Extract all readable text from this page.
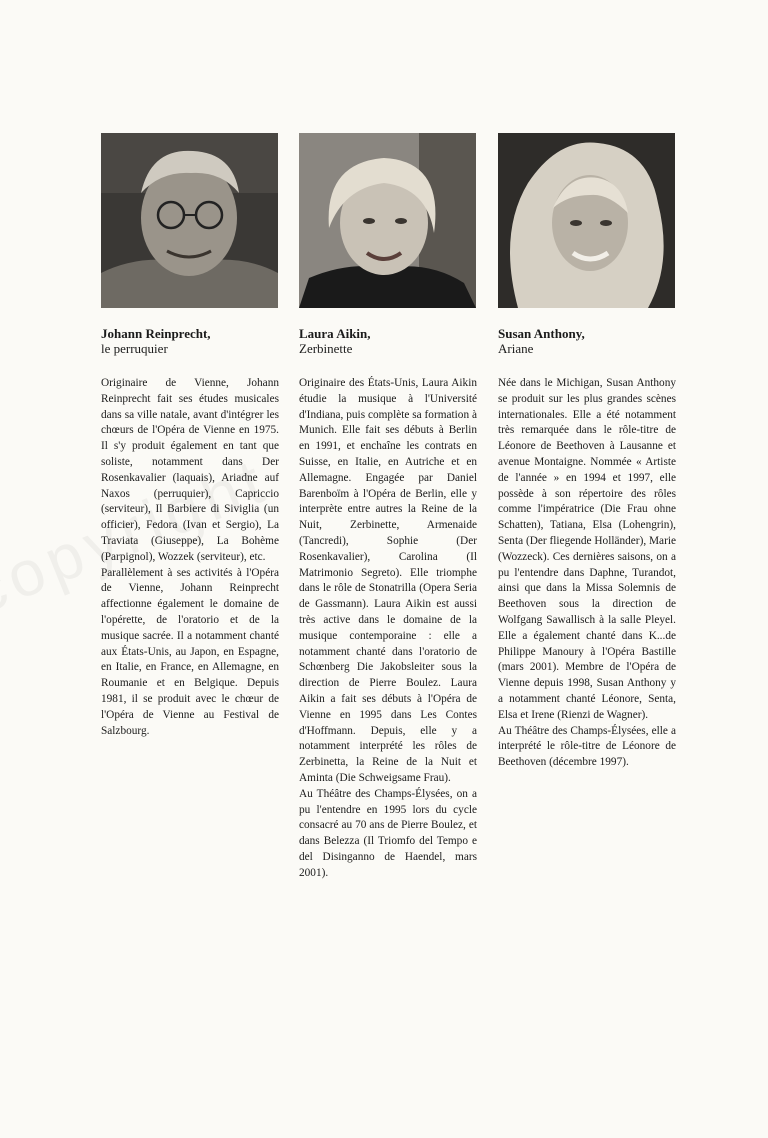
Johann Reinprecht,
le perruquier

Originaire de Vienne, Johann Reinprecht fait ses études musicales dans sa ville natale, avant d'intégrer les chœurs de l'Opéra de Vienne en 1975. Il s'y produit également en tant que soliste, notamment dans Der Rosenkavalier (laquais), Ariadne auf Naxos (perruquier), Capriccio (serviteur), Il Barbiere di Siviglia (un officier), Fedora (Ivan et Sergio), La Traviata (Giuseppe), La Bohème (Parpignol), Wozzek (serviteur), etc.

Parallèlement à ses activités à l'Opéra de Vienne, Johann Reinprecht affectionne également le domaine de l'opérette, de l'oratorio et de la musique sacrée. Il a notamment chanté aux États-Unis, au Japon, en Espagne, en Italie, en France, en Allemagne, en Roumanie et en Belgique. Depuis 1981, il se produit avec le chœur de l'Opéra de Vienne au Festival de Salzbourg.

Laura Aikin,
Zerbinette

Originaire des États-Unis, Laura Aikin étudie la musique à l'Université d'Indiana, puis complète sa formation à Munich. Elle fait ses débuts à Berlin en 1991, et enchaîne les contrats en Suisse, en Italie, en Autriche et en Allemagne. Engagée par Daniel Barenboïm à l'Opéra de Berlin, elle y interprète entre autres la Reine de la Nuit, Zerbinette, Armenaide (Tancredi), Sophie (Der Rosenkavalier), Carolina (Il Matrimonio Segreto). Elle triomphe dans le rôle de Stonatrilla (Opera Seria de Gassmann). Laura Aikin est aussi très active dans le domaine de la musique contemporaine : elle a notamment chanté dans l'oratorio de Schœnberg Die Jakobsleiter sous la direction de Pierre Boulez. Laura Aikin a fait ses débuts à l'Opéra de Vienne en 1995 dans Les Contes d'Hoffmann. Depuis, elle y a notamment interprété les rôles de Zerbinetta, la Reine de la Nuit et Aminta (Die Schweigsame Frau).

Au Théâtre des Champs-Élysées, on a pu l'entendre en 1995 lors du cycle consacré au 70 ans de Pierre Boulez, et dans Belezza (Il Triomfo del Tempo e del Disinganno de Haendel, mars 2001).

Susan Anthony,
Ariane

Née dans le Michigan, Susan Anthony se produit sur les plus grandes scènes internationales. Elle a été notamment très remarquée dans le rôle-titre de Léonore de Beethoven à Lausanne et avenue Montaigne. Nommée « Artiste de l'année » en 1994 et 1997, elle possède à son répertoire des rôles comme l'impératrice (Die Frau ohne Schatten), Tatiana, Elsa (Lohengrin), Senta (Der fliegende Holländer), Marie (Wozzeck). Ces dernières saisons, on a pu l'entendre dans Daphne, Turandot, ainsi que dans la Missa Solemnis de Beethoven sous la direction de Wolfgang Sawallisch à la salle Pleyel. Elle a également chanté dans K...de Philippe Manoury à l'Opéra Bastille (mars 2001). Membre de l'Opéra de Vienne depuis 1998, Susan Anthony y a notamment chanté Léonore, Senta, Elsa et Irene (Rienzi de Wagner).

Au Théâtre des Champs-Élysées, elle a interprété le rôle-titre de Léonore de Beethoven (décembre 1997).
